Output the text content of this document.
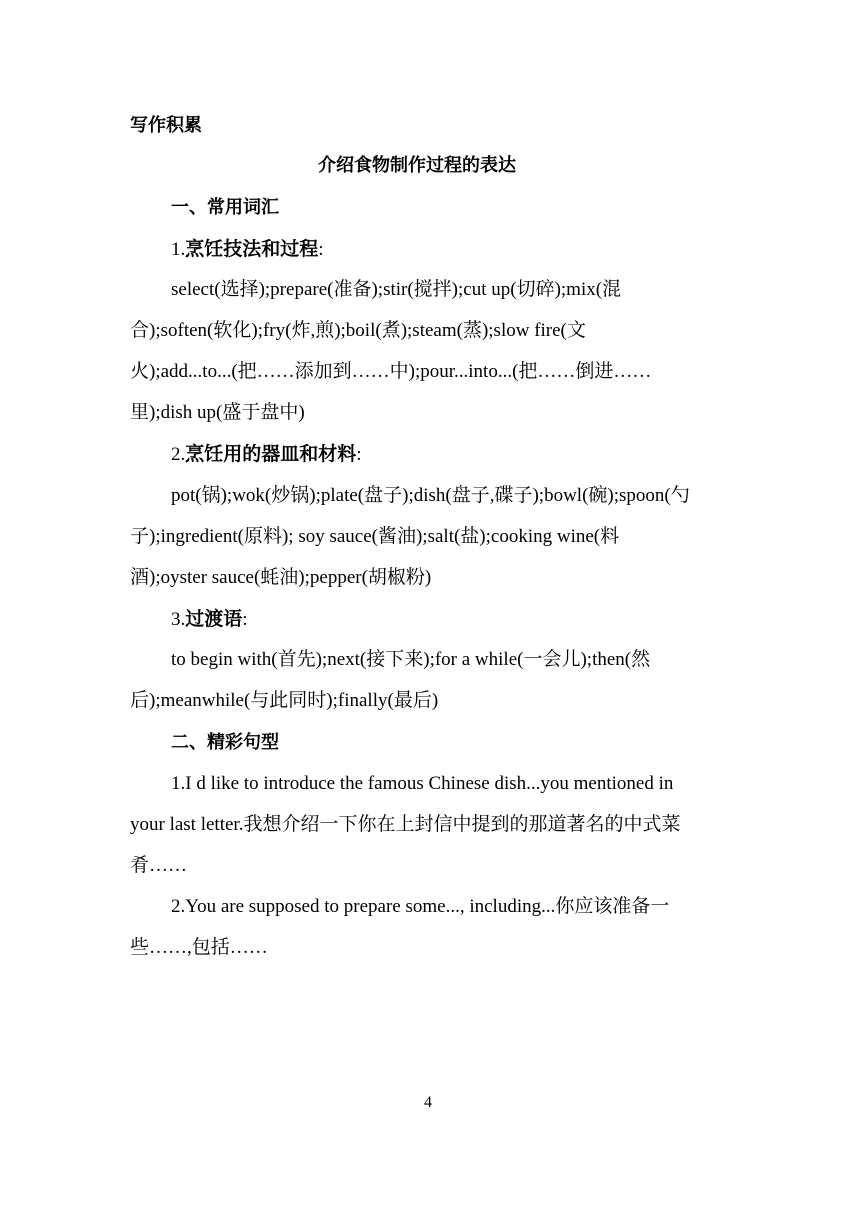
写作积累
介绍食物制作过程的表达
一、常用词汇
1.烹饪技法和过程:
select(选择);prepare(准备);stir(搅拌);cut up(切碎);mix(混
合);soften(软化);fry(炸,煎);boil(煮);steam(蒸);slow fire(文
火);add...to...(把……添加到……中);pour...into...(把……倒进……
里);dish up(盛于盘中)
2.烹饪用的器皿和材料:
pot(锅);wok(炒锅);plate(盘子);dish(盘子,碟子);bowl(碗);spoon(勺
子);ingredient(原料); soy sauce(酱油);salt(盐);cooking wine(料
酒);oyster sauce(蚝油);pepper(胡椒粉)
3.过渡语:
to begin with(首先);next(接下来);for a while(一会儿);then(然
后);meanwhile(与此同时);finally(最后)
二、精彩句型
1.I d like to introduce the famous Chinese dish...you mentioned in
your last letter.我想介绍一下你在上封信中提到的那道著名的中式菜
肴……
2.You are supposed to prepare some..., including...你应该准备一
些……,包括……
4
